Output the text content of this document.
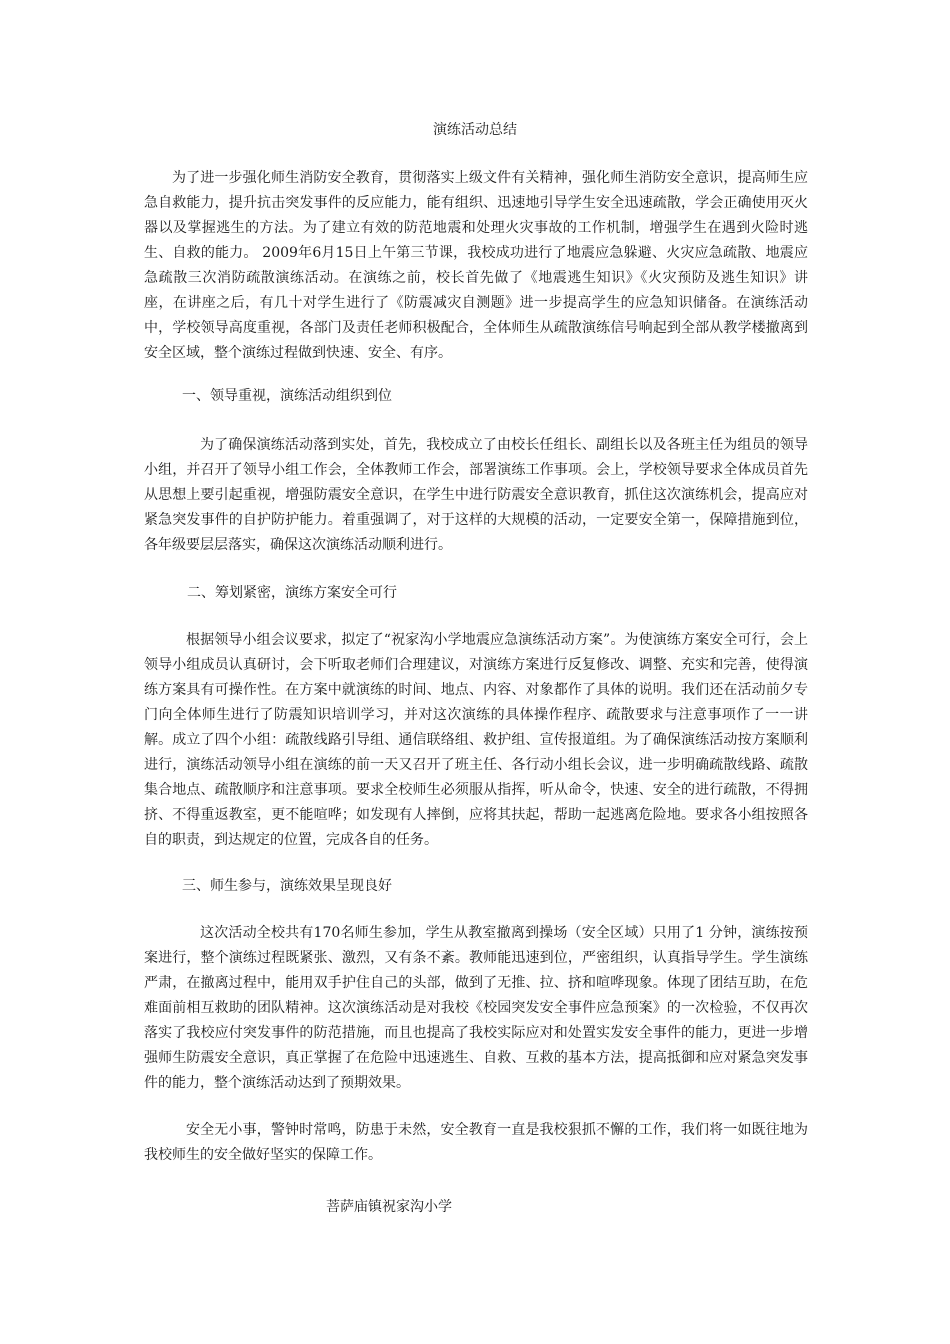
演练活动总结

为了进一步强化师生消防安全教育，贯彻落实上级文件有关精神，强化师生消防安全意识，提高师生应急自救能力，提升抗击突发事件的反应能力，能有组织、迅速地引导学生安全迅速疏散，学会正确使用灭火器以及掌握逃生的方法。为了建立有效的防范地震和处理火灾事故的工作机制，增强学生在遇到火险时逃生、自救的能力。 2009年6月15日上午第三节课，我校成功进行了地震应急躲避、火灾应急疏散、地震应急疏散三次消防疏散演练活动。在演练之前，校长首先做了《地震逃生知识》《火灾预防及逃生知识》讲座，在讲座之后，有几十对学生进行了《防震减灾自测题》进一步提高学生的应急知识储备。在演练活动中，学校领导高度重视，各部门及责任老师积极配合，全体师生从疏散演练信号响起到全部从教学楼撤离到安全区域，整个演练过程做到快速、安全、有序。

一、领导重视，演练活动组织到位

为了确保演练活动落到实处，首先，我校成立了由校长任组长、副组长以及各班主任为组员的领导小组，并召开了领导小组工作会，全体教师工作会，部署演练工作事项。会上，学校领导要求全体成员首先从思想上要引起重视，增强防震安全意识，在学生中进行防震安全意识教育，抓住这次演练机会，提高应对紧急突发事件的自护防护能力。着重强调了，对于这样的大规模的活动，一定要安全第一，保障措施到位，各年级要层层落实，确保这次演练活动顺利进行。

二、筹划紧密，演练方案安全可行

根据领导小组会议要求，拟定了“祝家沟小学地震应急演练活动方案”。为使演练方案安全可行，会上领导小组成员认真研讨，会下听取老师们合理建议，对演练方案进行反复修改、调整、充实和完善，使得演练方案具有可操作性。在方案中就演练的时间、地点、内容、对象都作了具体的说明。我们还在活动前夕专门向全体师生进行了防震知识培训学习，并对这次演练的具体操作程序、疏散要求与注意事项作了一一讲解。成立了四个小组：疏散线路引导组、通信联络组、救护组、宣传报道组。为了确保演练活动按方案顺利进行，演练活动领导小组在演练的前一天又召开了班主任、各行动小组长会议，进一步明确疏散线路、疏散集合地点、疏散顺序和注意事项。要求全校师生必须服从指挥，听从命令，快速、安全的进行疏散，不得拥挤、不得重返教室，更不能喧哗；如发现有人摔倒，应将其扶起，帮助一起逃离危险地。要求各小组按照各自的职责，到达规定的位置，完成各自的任务。

三、师生参与，演练效果呈现良好

这次活动全校共有170名师生参加，学生从教室撤离到操场（安全区域）只用了1 分钟，演练按预案进行，整个演练过程既紧张、激烈，又有条不紊。教师能迅速到位，严密组织，认真指导学生。学生演练严肃，在撤离过程中，能用双手护住自己的头部，做到了无推、拉、挤和喧哗现象。体现了团结互助，在危难面前相互救助的团队精神。这次演练活动是对我校《校园突发安全事件应急预案》的一次检验，不仅再次落实了我校应付突发事件的防范措施，而且也提高了我校实际应对和处置实发安全事件的能力，更进一步增强师生防震安全意识，真正掌握了在危险中迅速逃生、自救、互救的基本方法，提高抵御和应对紧急突发事件的能力，整个演练活动达到了预期效果。

安全无小事，警钟时常鸣，防患于未然，安全教育一直是我校狠抓不懈的工作，我们将一如既往地为我校师生的安全做好坚实的保障工作。

菩萨庙镇祝家沟小学
